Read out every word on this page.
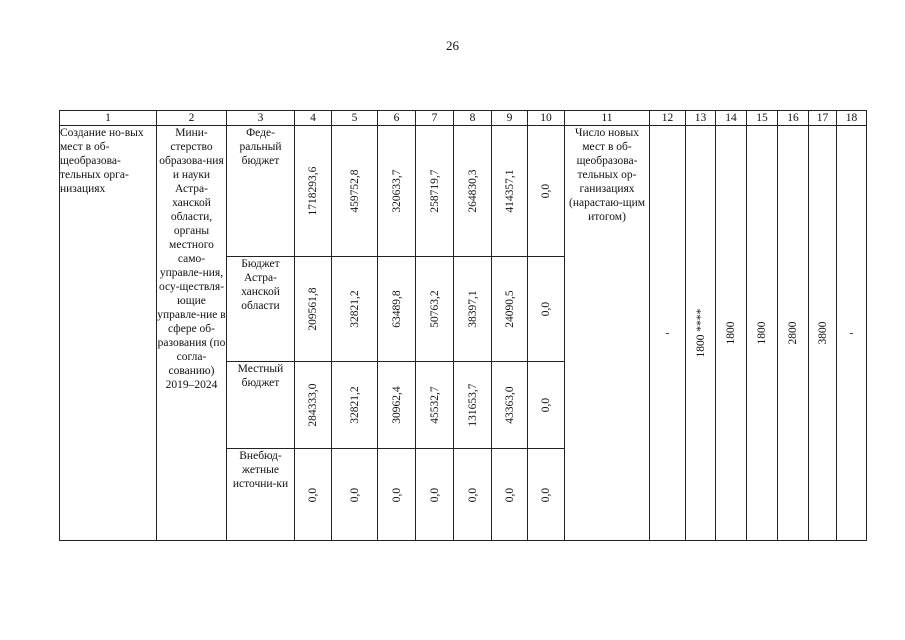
26
1	2	3	4	5	6	7	8	9	10	11	12	13	14	15	16	17	18
Создание но-вых мест в об-щеобразова-тельных орга-низациях	Мини-стерство образова-ния и науки Астра-ханской области, органы местного само-управле-ния, осу-ществля-ющие управле-ние в сфере об-разования (по согла-сованию) 2019–2024	Феде-ральный бюджет	1718293,6	459752,8	320633,7	258719,7	264830,3	414357,1	0,0	Число новых мест в об-щеобразова-тельных ор-ганизациях (нарастаю-щим итогом)	-	1800 ****	1800	1800	2800	3800	-

		Бюджет Астра-ханской области	209561,8	32821,2	63489,8	50763,2	38397,1	24090,5	0,0								

		Местный бюджет	284333,0	32821,2	30962,4	45532,7	131653,7	43363,0	0,0								

		Внебюд-жетные источни-ки	0,0	0,0	0,0	0,0	0,0	0,0	0,0								
